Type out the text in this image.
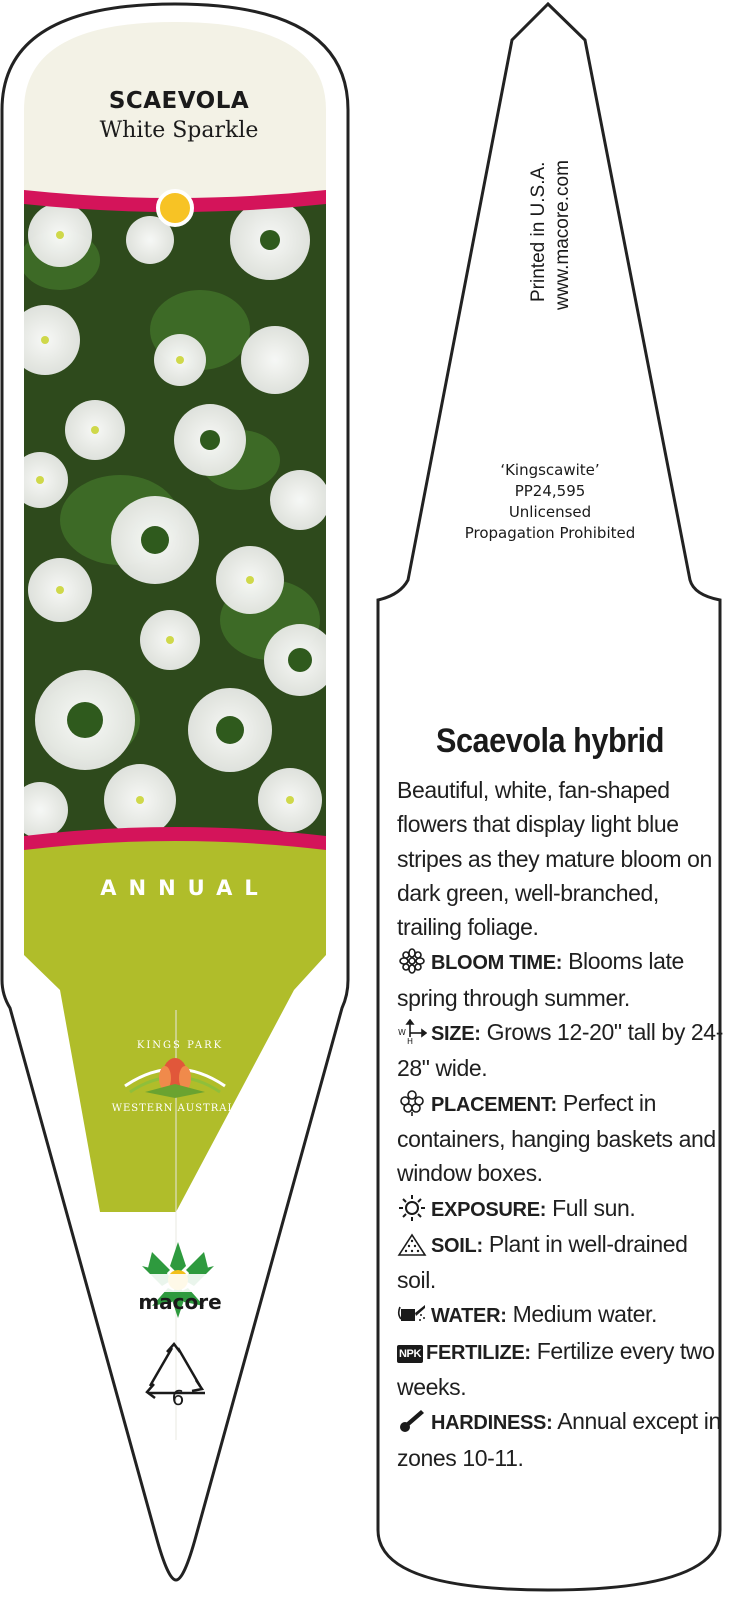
SCAEVOLA
White Sparkle
ANNUAL
KINGS PARK
WESTERN AUSTRALIA
macore
6
Printed in U.S.A. www.macore.com
‘Kingscawite’
PP24,595
Unlicensed
Propagation Prohibited
Scaevola hybrid

Beautiful, white, fan-shaped flowers that display light blue stripes as they mature bloom on dark green, well-branched, trailing foliage.

BLOOM TIME: Blooms late spring through summer.
W
H SIZE: Grows 12-20" tall by 24-28" wide.
PLACEMENT: Perfect in containers, hanging baskets and window boxes.
EXPOSURE: Full sun.
SOIL: Plant in well-drained soil.
WATER: Medium water.
NPK FERTILIZE: Fertilize every two weeks.
HARDINESS: Annual except in zones 10-11.
